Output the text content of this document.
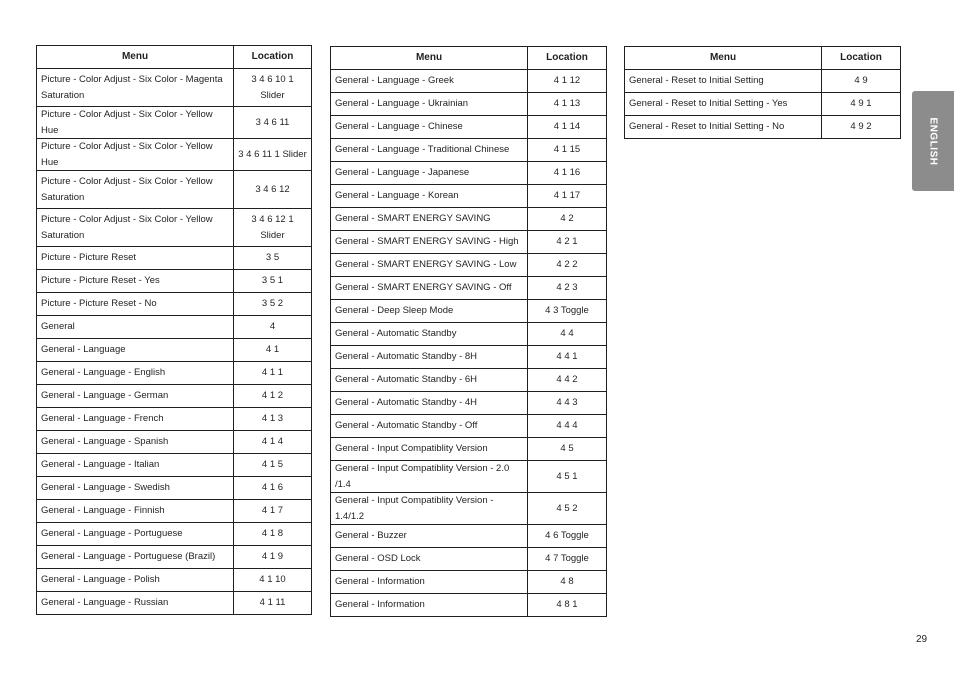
Menu	Location
Picture - Color Adjust - Six Color - Magenta Saturation	3 4 6 10 1 Slider
Picture - Color Adjust - Six Color - Yellow Hue	3 4 6 11
Picture - Color Adjust - Six Color - Yellow Hue	3 4 6 11 1 Slider
Picture - Color Adjust - Six Color - Yellow Saturation	3 4 6 12
Picture - Color Adjust - Six Color - Yellow Saturation	3 4 6 12 1 Slider
Picture - Picture Reset	3 5
Picture - Picture Reset - Yes	3 5 1
Picture - Picture Reset - No	3 5 2
General	4
General - Language	4 1
General - Language - English	4 1 1
General - Language - German	4 1 2
General - Language - French	4 1 3
General - Language - Spanish	4 1 4
General - Language - Italian	4 1 5
General - Language - Swedish	4 1 6
General - Language - Finnish	4 1 7
General - Language - Portuguese	4 1 8
General - Language - Portuguese (Brazil)	4 1 9
General - Language - Polish	4 1 10
General - Language - Russian	4 1 11
Menu	Location
General - Language - Greek	4 1 12
General - Language - Ukrainian	4 1 13
General - Language - Chinese	4 1 14
General - Language - Traditional Chinese	4 1 15
General - Language - Japanese	4 1 16
General - Language - Korean	4 1 17
General - SMART ENERGY SAVING	4 2
General - SMART ENERGY SAVING - High	4 2 1
General - SMART ENERGY SAVING - Low	4 2 2
General - SMART ENERGY SAVING - Off	4 2 3
General - Deep Sleep Mode	4 3 Toggle
General - Automatic Standby	4 4
General - Automatic Standby - 8H	4 4 1
General - Automatic Standby - 6H	4 4 2
General - Automatic Standby - 4H	4 4 3
General - Automatic Standby - Off	4 4 4
General - Input Compatiblity Version	4 5
General - Input Compatiblity Version - 2.0 /1.4	4 5 1
General - Input Compatiblity Version - 1.4/1.2	4 5 2
General - Buzzer	4 6 Toggle
General - OSD Lock	4 7 Toggle
General - Information	4 8
General - Information	4 8 1
Menu	Location
General - Reset to Initial Setting	4 9
General - Reset to Initial Setting - Yes	4 9 1
General - Reset to Initial Setting - No	4 9 2	ENGLISH
29
